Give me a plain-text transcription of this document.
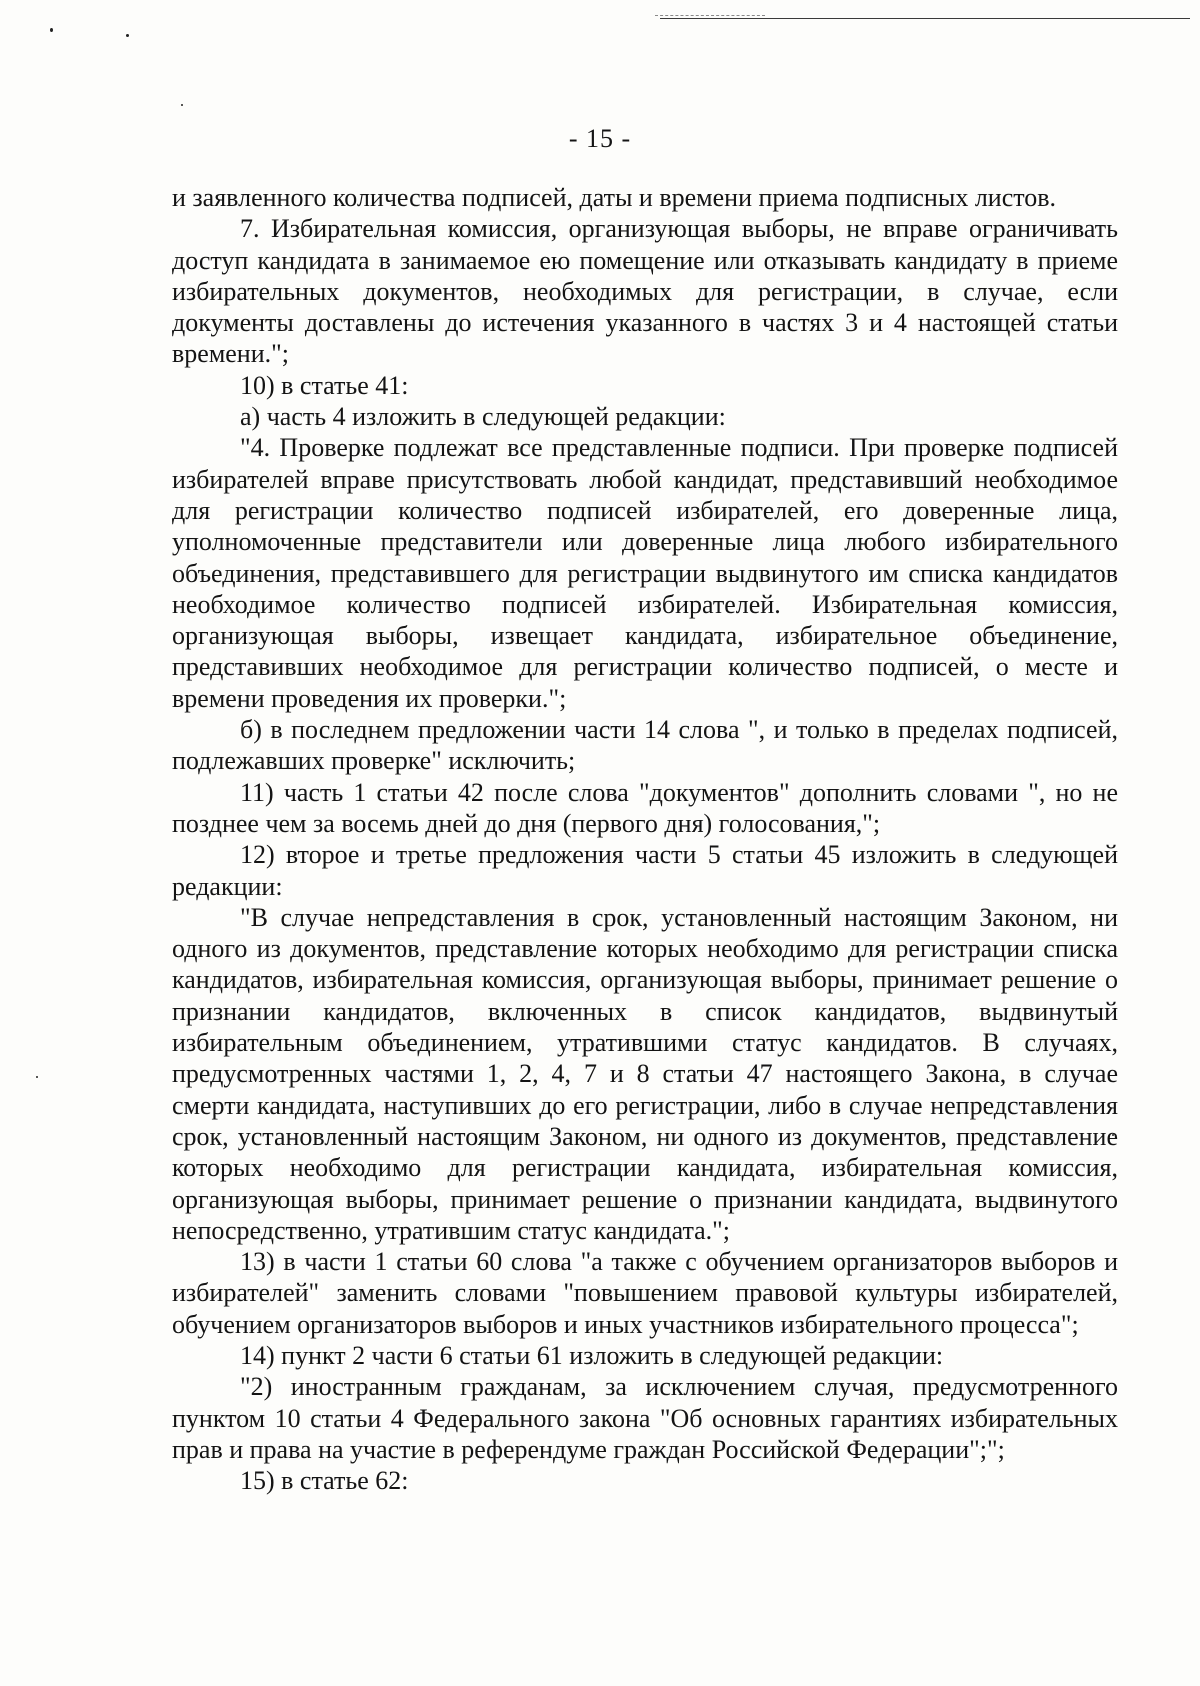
- 15 -

и заявленного количества подписей, даты и времени приема подписных листов.

7. Избирательная комиссия, организующая выборы, не вправе ограничивать доступ кандидата в занимаемое ею помещение или отказывать кандидату в приеме избирательных документов, необходимых для регистрации, в случае, если документы доставлены до истечения указанного в частях 3 и 4 настоящей статьи времени.";

10) в статье 41:

а) часть 4 изложить в следующей редакции:

"4. Проверке подлежат все представленные подписи. При проверке подписей избирателей вправе присутствовать любой кандидат, представивший необходимое для регистрации количество подписей избирателей, его доверенные лица, уполномоченные представители или доверенные лица любого избирательного объединения, представившего для регистрации выдвинутого им списка кандидатов необходимое количество подписей избирателей. Избирательная комиссия, организующая выборы, извещает кандидата, избирательное объединение, представивших необходимое для регистрации количество подписей, о месте и времени проведения их проверки.";

б) в последнем предложении части 14 слова ", и только в пределах подписей, подлежавших проверке" исключить;

11) часть 1 статьи 42 после слова "документов" дополнить словами ", но не позднее чем за восемь дней до дня (первого дня) голосования,";

12) второе и третье предложения части 5 статьи 45 изложить в следующей редакции:

"В случае непредставления в срок, установленный настоящим Законом, ни одного из документов, представление которых необходимо для регистрации списка кандидатов, избирательная комиссия, организующая выборы, принимает решение о признании кандидатов, включенных в список кандидатов, выдвинутый избирательным объединением, утратившими статус кандидатов. В случаях, предусмотренных частями 1, 2, 4, 7 и 8 статьи 47 настоящего Закона, в случае смерти кандидата, наступивших до его регистрации, либо в случае непредставления срок, установленный настоящим Законом, ни одного из документов, представление которых необходимо для регистрации кандидата, избирательная комиссия, организующая выборы, принимает решение о признании кандидата, выдвинутого непосредственно, утратившим статус кандидата.";

13) в части 1 статьи 60 слова "а также с обучением организаторов выборов и избирателей" заменить словами "повышением правовой культуры избирателей, обучением организаторов выборов и иных участников избирательного процесса";

14) пункт 2 части 6 статьи 61 изложить в следующей редакции:

"2) иностранным гражданам, за исключением случая, предусмотренного пунктом 10 статьи 4 Федерального закона "Об основных гарантиях избирательных прав и права на участие в референдуме граждан Российской Федерации";";

15) в статье 62:
